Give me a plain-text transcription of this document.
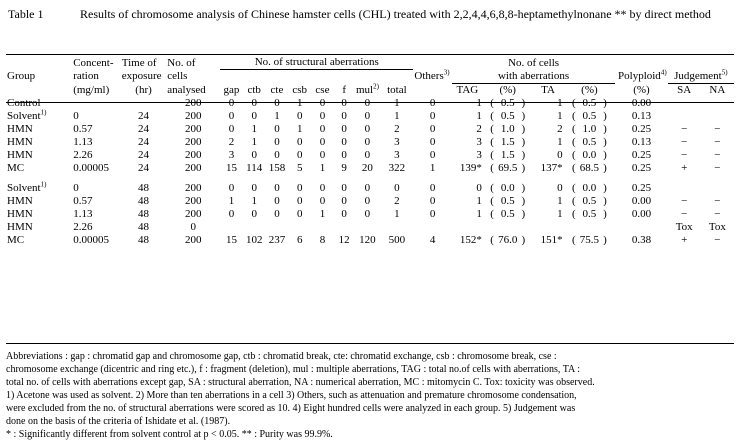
Table 1	Results of chromosome analysis of Chinese hamster cells (CHL) treated with 2,2,4,4,6,8,8-heptamethylnonane ** by direct method
	Concent-	Time of	No. of	No. of structural aberrations									No. of cells						
Group	ration	exposure	cells									Others$^{3)}$	with aberrations				Polyploid$^{4)}$	Judgement$^{5)}$
	(mg/ml)	(hr)	analysed	gap	ctb	cte	csb	cse	f	mul$^{2)}$	total		TAG	(%)	TA	(%)	(%)	SA	NA
Control			200	0	0	0	1	0	0	0	1	0	1	( 0.5 )	1	( 0.5 )	0.00		
Solvent$^{1)}$	0	24	200	0	0	1	0	0	0	0	1	0	1	( 0.5 )	1	( 0.5 )	0.13		
HMN	0.57	24	200	0	1	0	1	0	0	0	2	0	2	( 1.0 )	2	( 1.0 )	0.25	−	−
HMN	1.13	24	200	2	1	0	0	0	0	0	3	0	3	( 1.5 )	1	( 0.5 )	0.13	−	−
HMN	2.26	24	200	3	0	0	0	0	0	0	3	0	3	( 1.5 )	0	( 0.0 )	0.25	−	−
MC	0.00005	24	200	15	114	158	5	1	9	20	322	1	139*	( 69.5 )	137*	( 68.5 )	0.25	+	−

Solvent$^{1)}$	0	48	200	0	0	0	0	0	0	0	0	0	0	( 0.0 )	0	( 0.0 )	0.25		
HMN	0.57	48	200	1	1	0	0	0	0	0	2	0	1	( 0.5 )	1	( 0.5 )	0.00	−	−
HMN	1.13	48	200	0	0	0	0	1	0	0	1	0	1	( 0.5 )	1	( 0.5 )	0.00	−	−
HMN	2.26	48	0															Tox	Tox
MC	0.00005	48	200	15	102	237	6	8	12	120	500	4	152*	( 76.0 )	151*	( 75.5 )	0.38	+	−
Abbreviations : gap : chromatid gap and chromosome gap, ctb : chromatid break, cte: chromatid exchange, csb : chromosome break, cse :
chromosome exchange (dicentric and ring etc.), f : fragment (deletion), mul : multiple aberrations, TAG : total no.of cells with aberrations, TA :
total no. of cells with aberrations except gap, SA : structural aberration, NA : numerical aberration, MC : mitomycin C. Tox: toxicity was observed.
1) Acetone was used as solvent. 2) More than ten aberrations in a cell 3) Others, such as attenuation and premature chromosome condensation,
were excluded from the no. of structural aberrations were scored as 10. 4) Eight hundred cells were analyzed in each group. 5) Judgement was
done on the basis of the criteria of Ishidate et al. (1987).
* : Significantly different from solvent control at p < 0.05. ** : Purity was 99.9%.
